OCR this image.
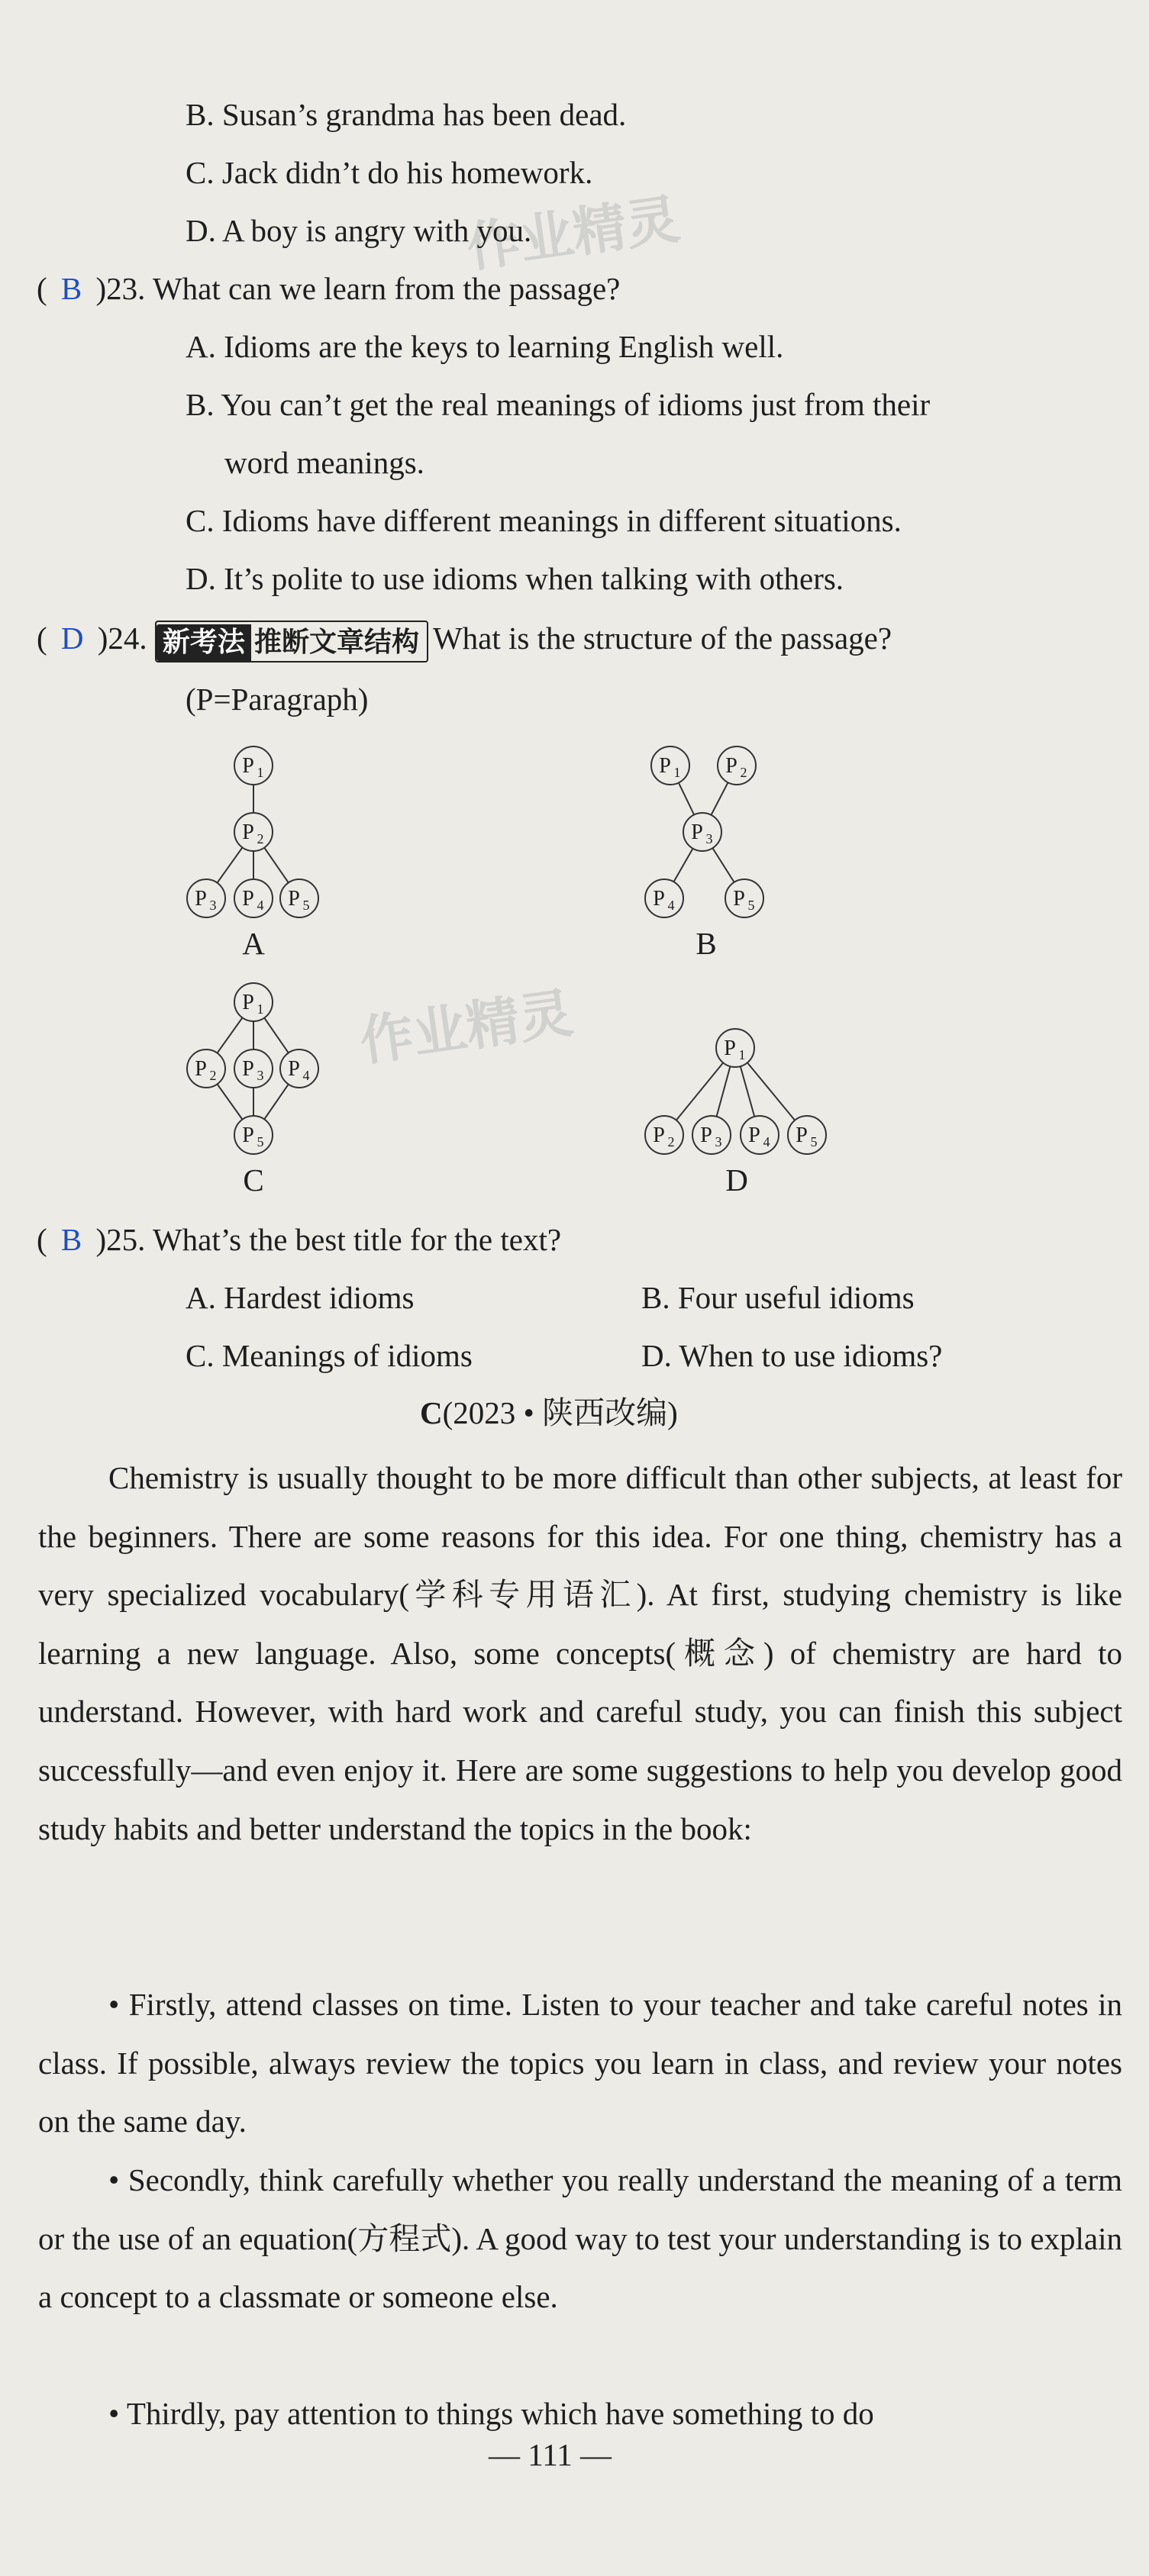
作业精灵
作业精灵
B. Susan’s grandma has been dead.
C. Jack didn’t do his homework.
D. A boy is angry with you.
( B )23. What can we learn from the passage?
A. Idioms are the keys to learning English well.
B. You can’t get the real meanings of idioms just from their
word meanings.
C. Idioms have different meanings in different situations.
D. It’s polite to use idioms when talking with others.
( D )24. 新考法 推断文章结构 What is the structure of the passage?
(P=Paragraph)
P 1
P 2
P 3 P 4 P 5
A
P 1 P 2
P 3
P 4	P 5
B
P 1
P 2 P 3 P 4
P 5
C
P 1
P 2 P 3 P 4 P 5
D
( B )25. What’s the best title for the text?
A. Hardest idioms	B. Four useful idioms
C. Meanings of idioms	D. When to use idioms?
C(2023 • 陕西改编)
Chemistry is usually thought to be more difficult than other subjects, at least for the beginners. There are some reasons for this idea. For one thing, chemistry has a very specialized vocabulary(学科专用语汇). At first, studying chemistry is like learning a new language. Also, some concepts(概念) of chemistry are hard to understand. However, with hard work and careful study, you can finish this subject successfully—and even enjoy it. Here are some suggestions to help you develop good study habits and better understand the topics in the book:
• Firstly, attend classes on time. Listen to your teacher and take careful notes in class. If possible, always review the topics you learn in class, and review your notes on the same day.
• Secondly, think carefully whether you really understand the meaning of a term or the use of an equation(方程式). A good way to test your understanding is to explain a concept to a classmate or someone else.
• Thirdly, pay attention to things which have something to do
— 111 —
